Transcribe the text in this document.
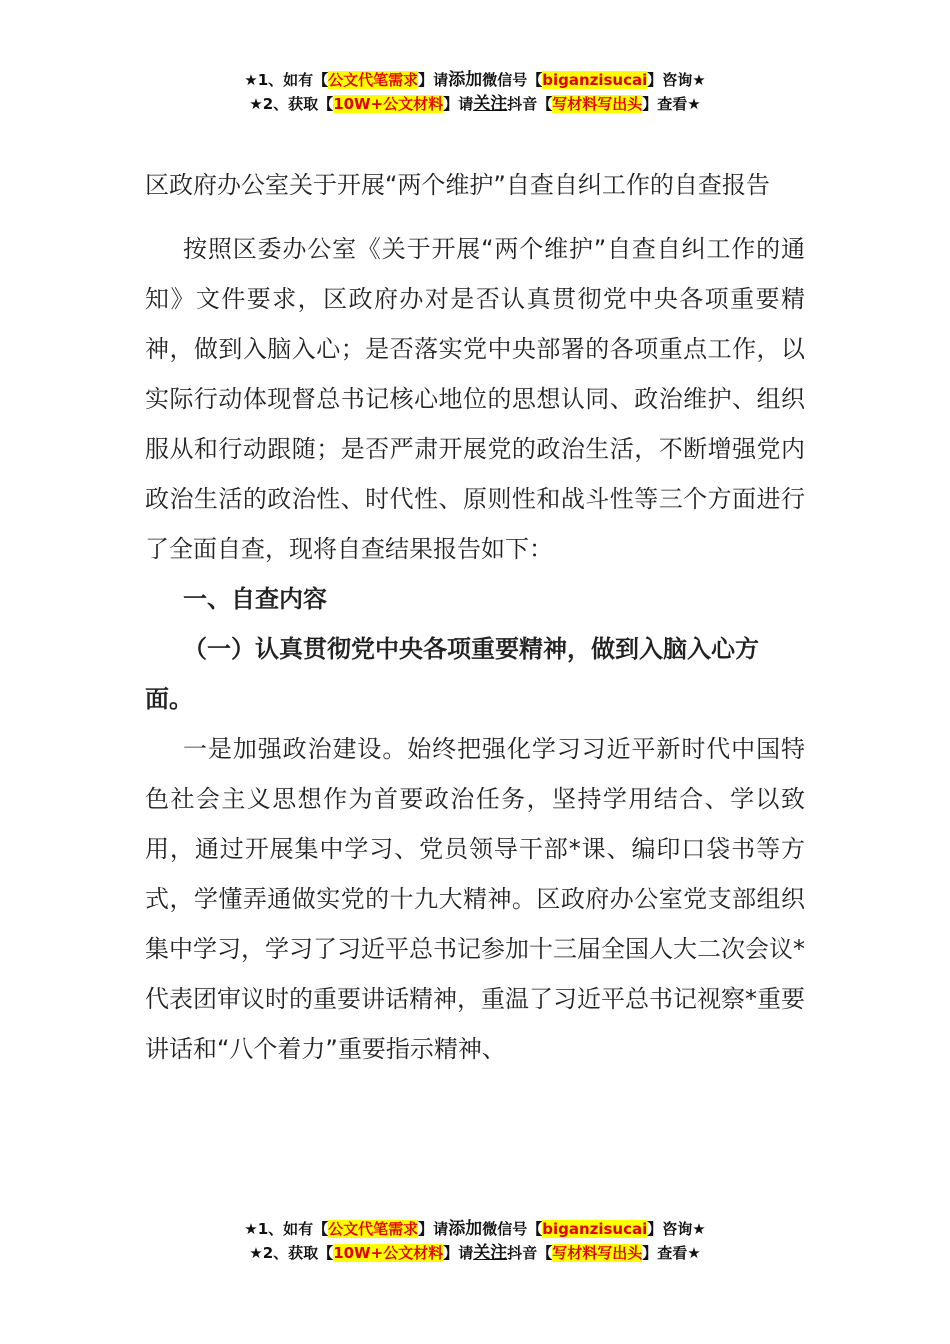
★1、如有【公文代笔需求】请添加微信号【biganzisucai】咨询★
★2、获取【10W+公文材料】请关注抖音【写材料写出头】查看★
区政府办公室关于开展“两个维护”自查自纠工作的自查报告

按照区委办公室《关于开展“两个维护”自查自纠工作的通知》文件要求，区政府办对是否认真贯彻党中央各项重要精神，做到入脑入心；是否落实党中央部署的各项重点工作，以实际行动体现督总书记核心地位的思想认同、政治维护、组织服从和行动跟随；是否严肃开展党的政治生活，不断增强党内政治生活的政治性、时代性、原则性和战斗性等三个方面进行了全面自查，现将自查结果报告如下：

一、自查内容

（一）认真贯彻党中央各项重要精神，做到入脑入心方面。

一是加强政治建设。始终把强化学习习近平新时代中国特色社会主义思想作为首要政治任务，坚持学用结合、学以致用，通过开展集中学习、党员领导干部*课、编印口袋书等方式，学懂弄通做实党的十九大精神。区政府办公室党支部组织集中学习，学习了习近平总书记参加十三届全国人大二次会议*代表团审议时的重要讲话精神，重温了习近平总书记视察*重要讲话和“八个着力”重要指示精神、

★1、如有【公文代笔需求】请添加微信号【biganzisucai】咨询★
★2、获取【10W+公文材料】请关注抖音【写材料写出头】查看★
